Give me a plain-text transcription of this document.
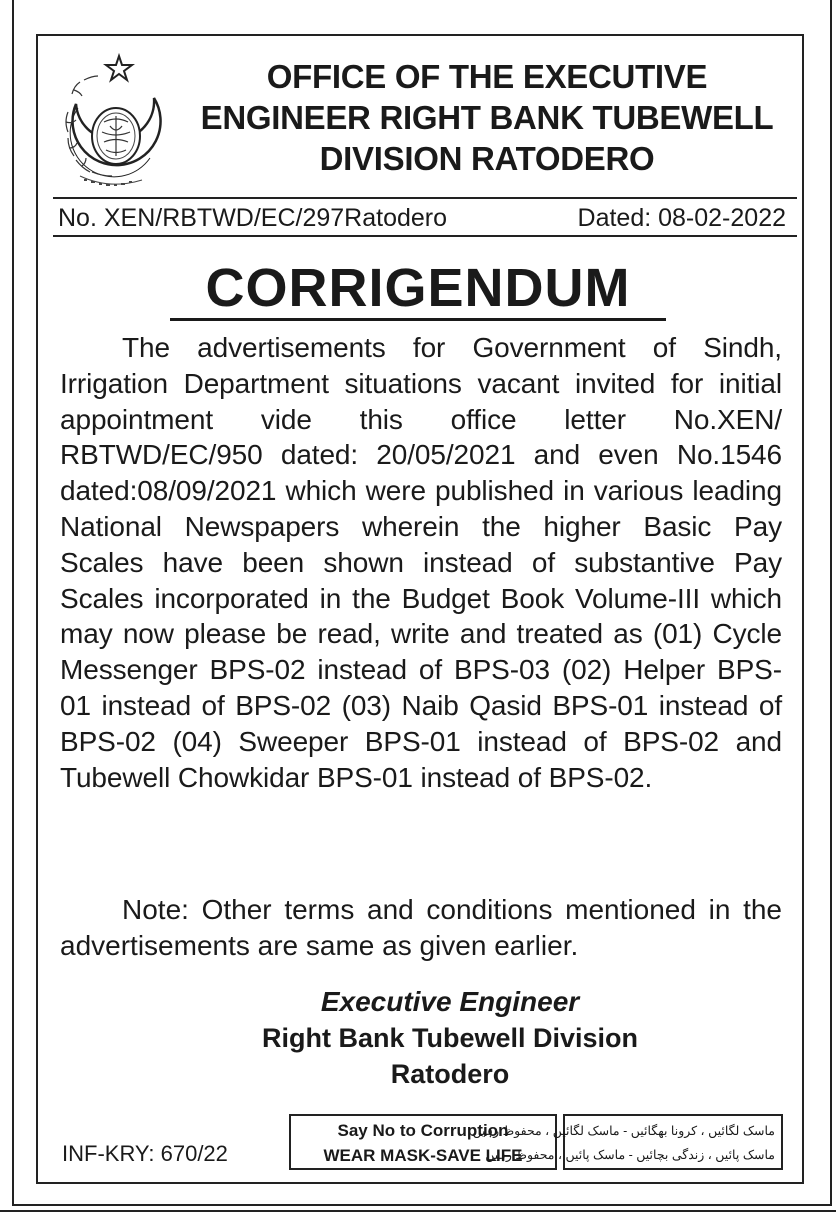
OFFICE OF THE EXECUTIVE
ENGINEER RIGHT BANK TUBEWELL
DIVISION RATODERO
No. XEN/RBTWD/EC/297Ratodero	Dated: 08-02-2022
CORRIGENDUM

The advertisements for Government of Sindh, Irrigation Department situations vacant invited for initial appointment vide this office letter No.XEN/ RBTWD/EC/950 dated: 20/05/2021 and even No.1546 dated:08/09/2021 which were published in various leading National Newspapers wherein the higher Basic Pay Scales have been shown instead of substantive Pay Scales incorporated in the Budget Book Volume-III which may now please be read, write and treated as (01) Cycle Messenger BPS-02 instead of BPS-03 (02) Helper BPS-01 instead of BPS-02 (03) Naib Qasid BPS-01 instead of BPS-02 (04) Sweeper BPS-01 instead of BPS-02 and Tubewell Chowkidar BPS-01 instead of BPS-02.

Note: Other terms and conditions mentioned in the advertisements are same as given earlier.

Executive Engineer
Right Bank Tubewell Division
Ratodero
INF-KRY: 670/22
Say No to Corruption
WEAR MASK-SAVE LIFE
ماسک لگائیں ، کرونا بھگائیں - ماسک لگائیں ، محفوظ رہیں
ماسک پائیں ، زندگی بچائیں - ماسک پائیں ، محفوظ رہیں
